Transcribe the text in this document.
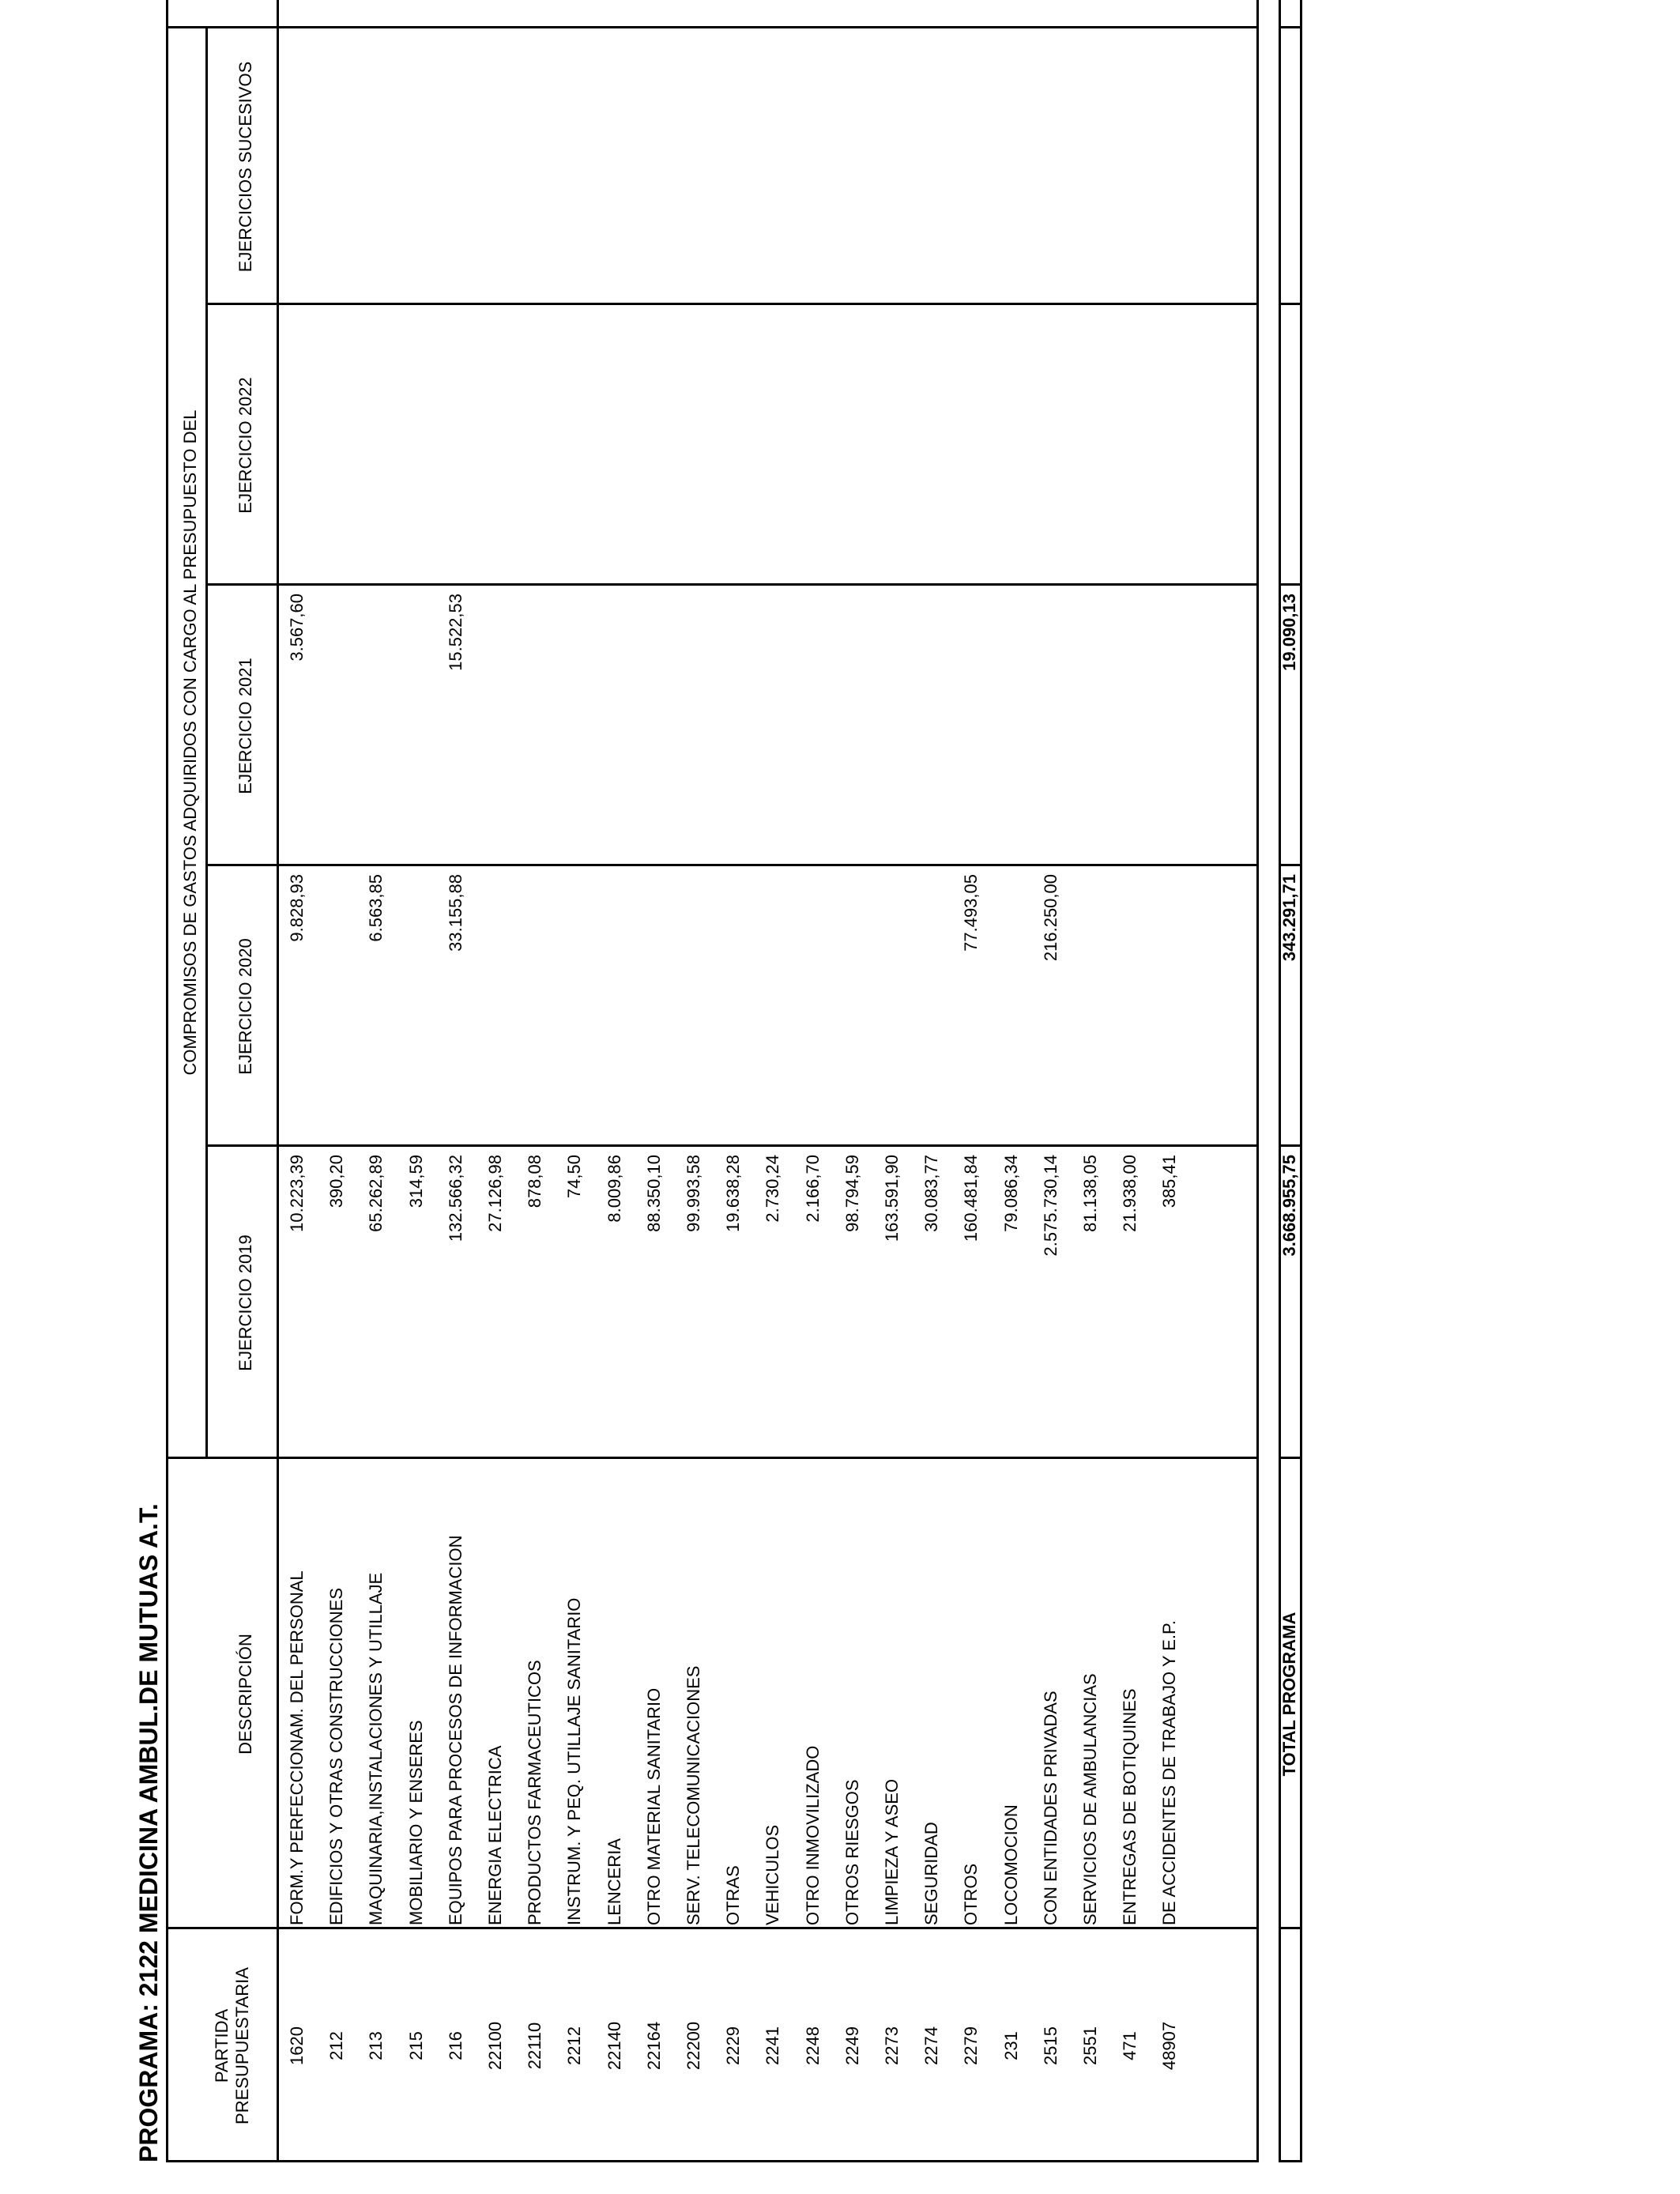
PROGRAMA: 2122 MEDICINA AMBUL.DE MUTUAS A.T.	PARTIDA PRESUPUESTARIA
DESCRIPCIÓN
COMPROMISOS DE GASTOS ADQUIRIDOS CON CARGO AL PRESUPUESTO DEL
EJERCICIO 2019
EJERCICIO 2020
EJERCICIO 2021
EJERCICIO 2022
EJERCICIOS SUCESIVOS
1620
FORM.Y PERFECCIONAM. DEL PERSONAL
10.223,39
9.828,93
3.567,60
212
EDIFICIOS Y OTRAS CONSTRUCCIONES
390,20
213
MAQUINARIA,INSTALACIONES Y UTILLAJE
65.262,89
6.563,85
215
MOBILIARIO Y ENSERES
314,59
216
EQUIPOS PARA PROCESOS DE INFORMACION
132.566,32
33.155,88
15.522,53
22100
ENERGIA ELECTRICA
27.126,98
22110
PRODUCTOS FARMACEUTICOS
878,08
2212
INSTRUM. Y PEQ. UTILLAJE SANITARIO
74,50
22140
LENCERIA
8.009,86
22164
OTRO MATERIAL SANITARIO
88.350,10
22200
SERV. TELECOMUNICACIONES
99.993,58
2229
OTRAS
19.638,28
2241
VEHICULOS
2.730,24
2248
OTRO INMOVILIZADO
2.166,70
2249
OTROS RIESGOS
98.794,59
2273
LIMPIEZA Y ASEO
163.591,90
2274
SEGURIDAD
30.083,77
2279
OTROS
160.481,84
77.493,05
231
LOCOMOCION
79.086,34
2515
CON ENTIDADES PRIVADAS
2.575.730,14
216.250,00
2551
SERVICIOS DE AMBULANCIAS
81.138,05
471
ENTREGAS DE BOTIQUINES
21.938,00
48907
DE ACCIDENTES DE TRABAJO Y E.P.
385,41
TOTAL PROGRAMA
3.668.955,75
343.291,71
19.090,13
